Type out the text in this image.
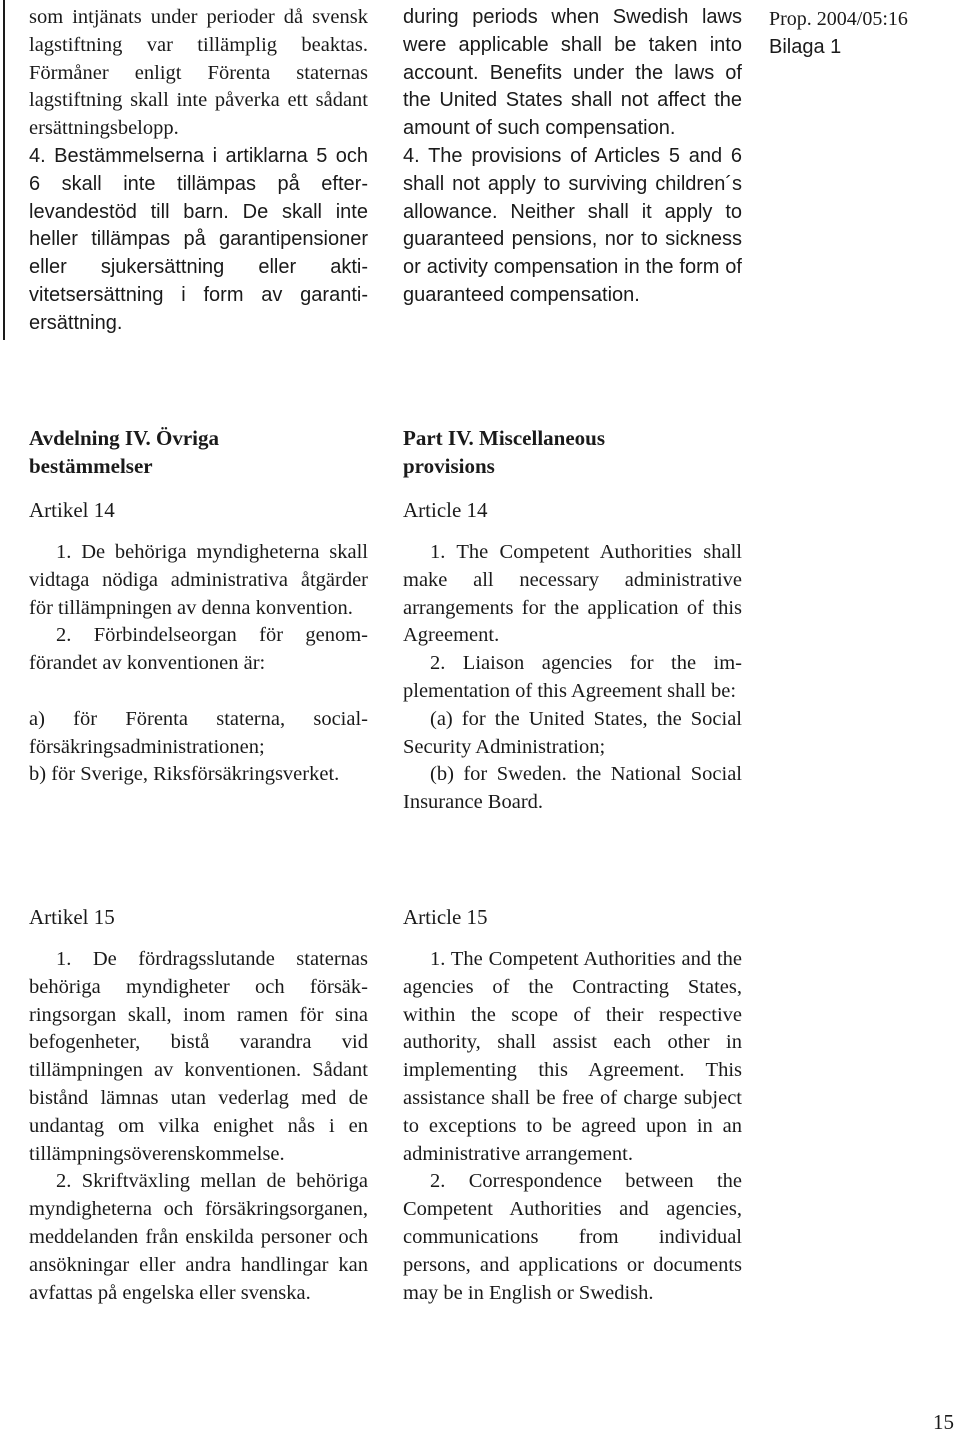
Prop. 2004/05:16
Bilaga 1

som intjänats under perioder då svensk lagstiftning var tillämplig beaktas. Förmåner enligt Förenta staternas lagstiftning skall inte påverka ett sådant ersättningsbelopp.

4. Bestämmelserna i artiklarna 5 och 6 skall inte tillämpas på efterlevandestöd till barn. De skall inte heller tillämpas på garantipensioner eller sjukersättning eller aktivitetsersättning i form av garantiersättning.

during periods when Swedish laws were applicable shall be taken into account. Benefits under the laws of the United States shall not affect the amount of such compensation.

4. The provisions of Articles 5 and 6 shall not apply to surviving children´s allowance. Neither shall it apply to guaranteed pensions, nor to sickness or activity compensation in the form of guaranteed compensation.

Avdelning IV. Övriga bestämmelser

Artikel 14

1. De behöriga myndigheterna skall vidtaga nödiga administrativa åtgärder för tillämpningen av denna konvention.

2. Förbindelseorgan för genomförandet av konventionen är:

a) för Förenta staterna, socialförsäkringsadministrationen;

b) för Sverige, Riksförsäkringsverket.

Part IV. Miscellaneous provisions

Article 14

1. The Competent Authorities shall make all necessary administrative arrangements for the application of this Agreement.

2. Liaison agencies for the implementation of this Agreement shall be:

(a) for the United States, the Social Security Administration;

(b) for Sweden. the National Social Insurance Board.

Artikel 15

1. De fördragsslutande staternas behöriga myndigheter och försäkringsorgan skall, inom ramen för sina befogenheter, bistå varandra vid tillämpningen av konventionen. Sådant bistånd lämnas utan vederlag med de undantag om vilka enighet nås i en tillämpningsöverenskommelse.

2. Skriftväxling mellan de behöriga myndigheterna och försäkringsorganen, meddelanden från enskilda personer och ansökningar eller andra handlingar kan avfattas på engelska eller svenska.

Article 15

1. The Competent Authorities and the agencies of the Contracting States, within the scope of their respective authority, shall assist each other in implementing this Agreement. This assistance shall be free of charge subject to exceptions to be agreed upon in an administrative arrangement.

2. Correspondence between the Competent Authorities and agencies, communications from individual persons, and applications or documents may be in English or Swedish.

15
